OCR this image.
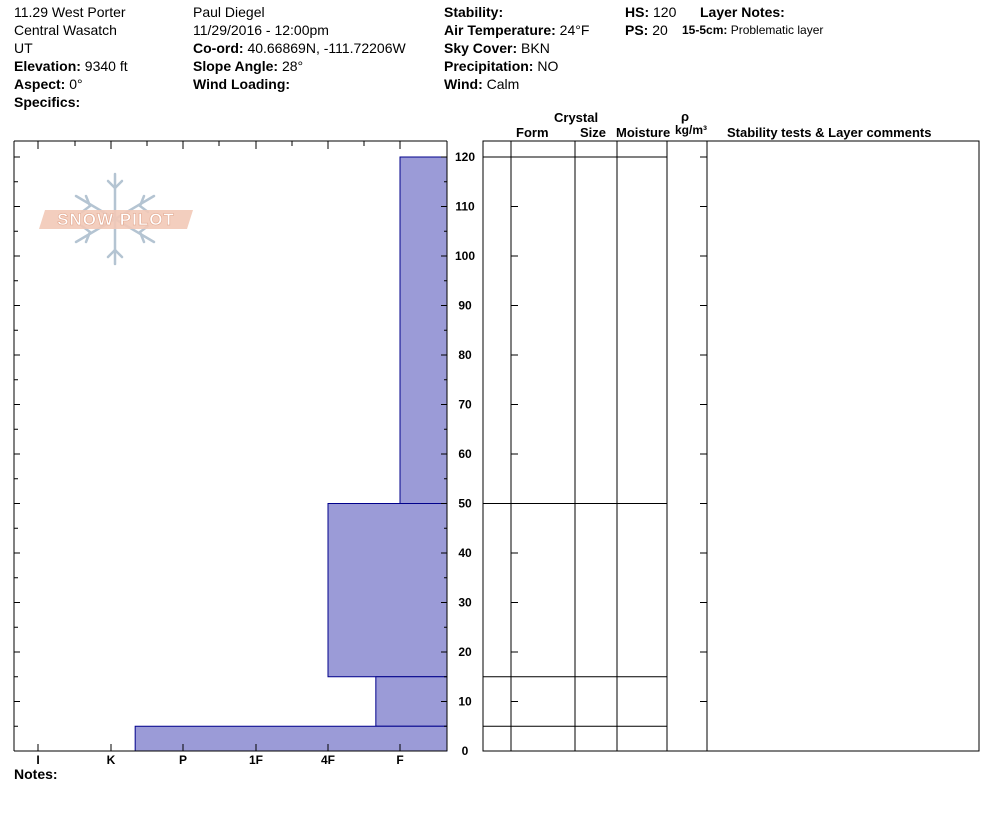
11.29 West Porter
Central Wasatch
UT
Elevation: 9340 ft
Aspect: 0°
Specifics:
Paul Diegel
11/29/2016 - 12:00pm
Co-ord: 40.66869N, -111.72206W
Slope Angle: 28°
Wind Loading:
Stability:
Air Temperature: 24°F
Sky Cover: BKN
Precipitation: NO
Wind: Calm
HS: 120
PS: 20
Layer Notes:
15-5cm: Problematic layer
Crystal
Form Size Moisture
ρ
kg/m³ Stability tests & Layer comments
SNOW PILOT
0
10
20
30
40
50
60
70
80
90
100
110
120
I	K	P	1F	4F	F
Notes:
